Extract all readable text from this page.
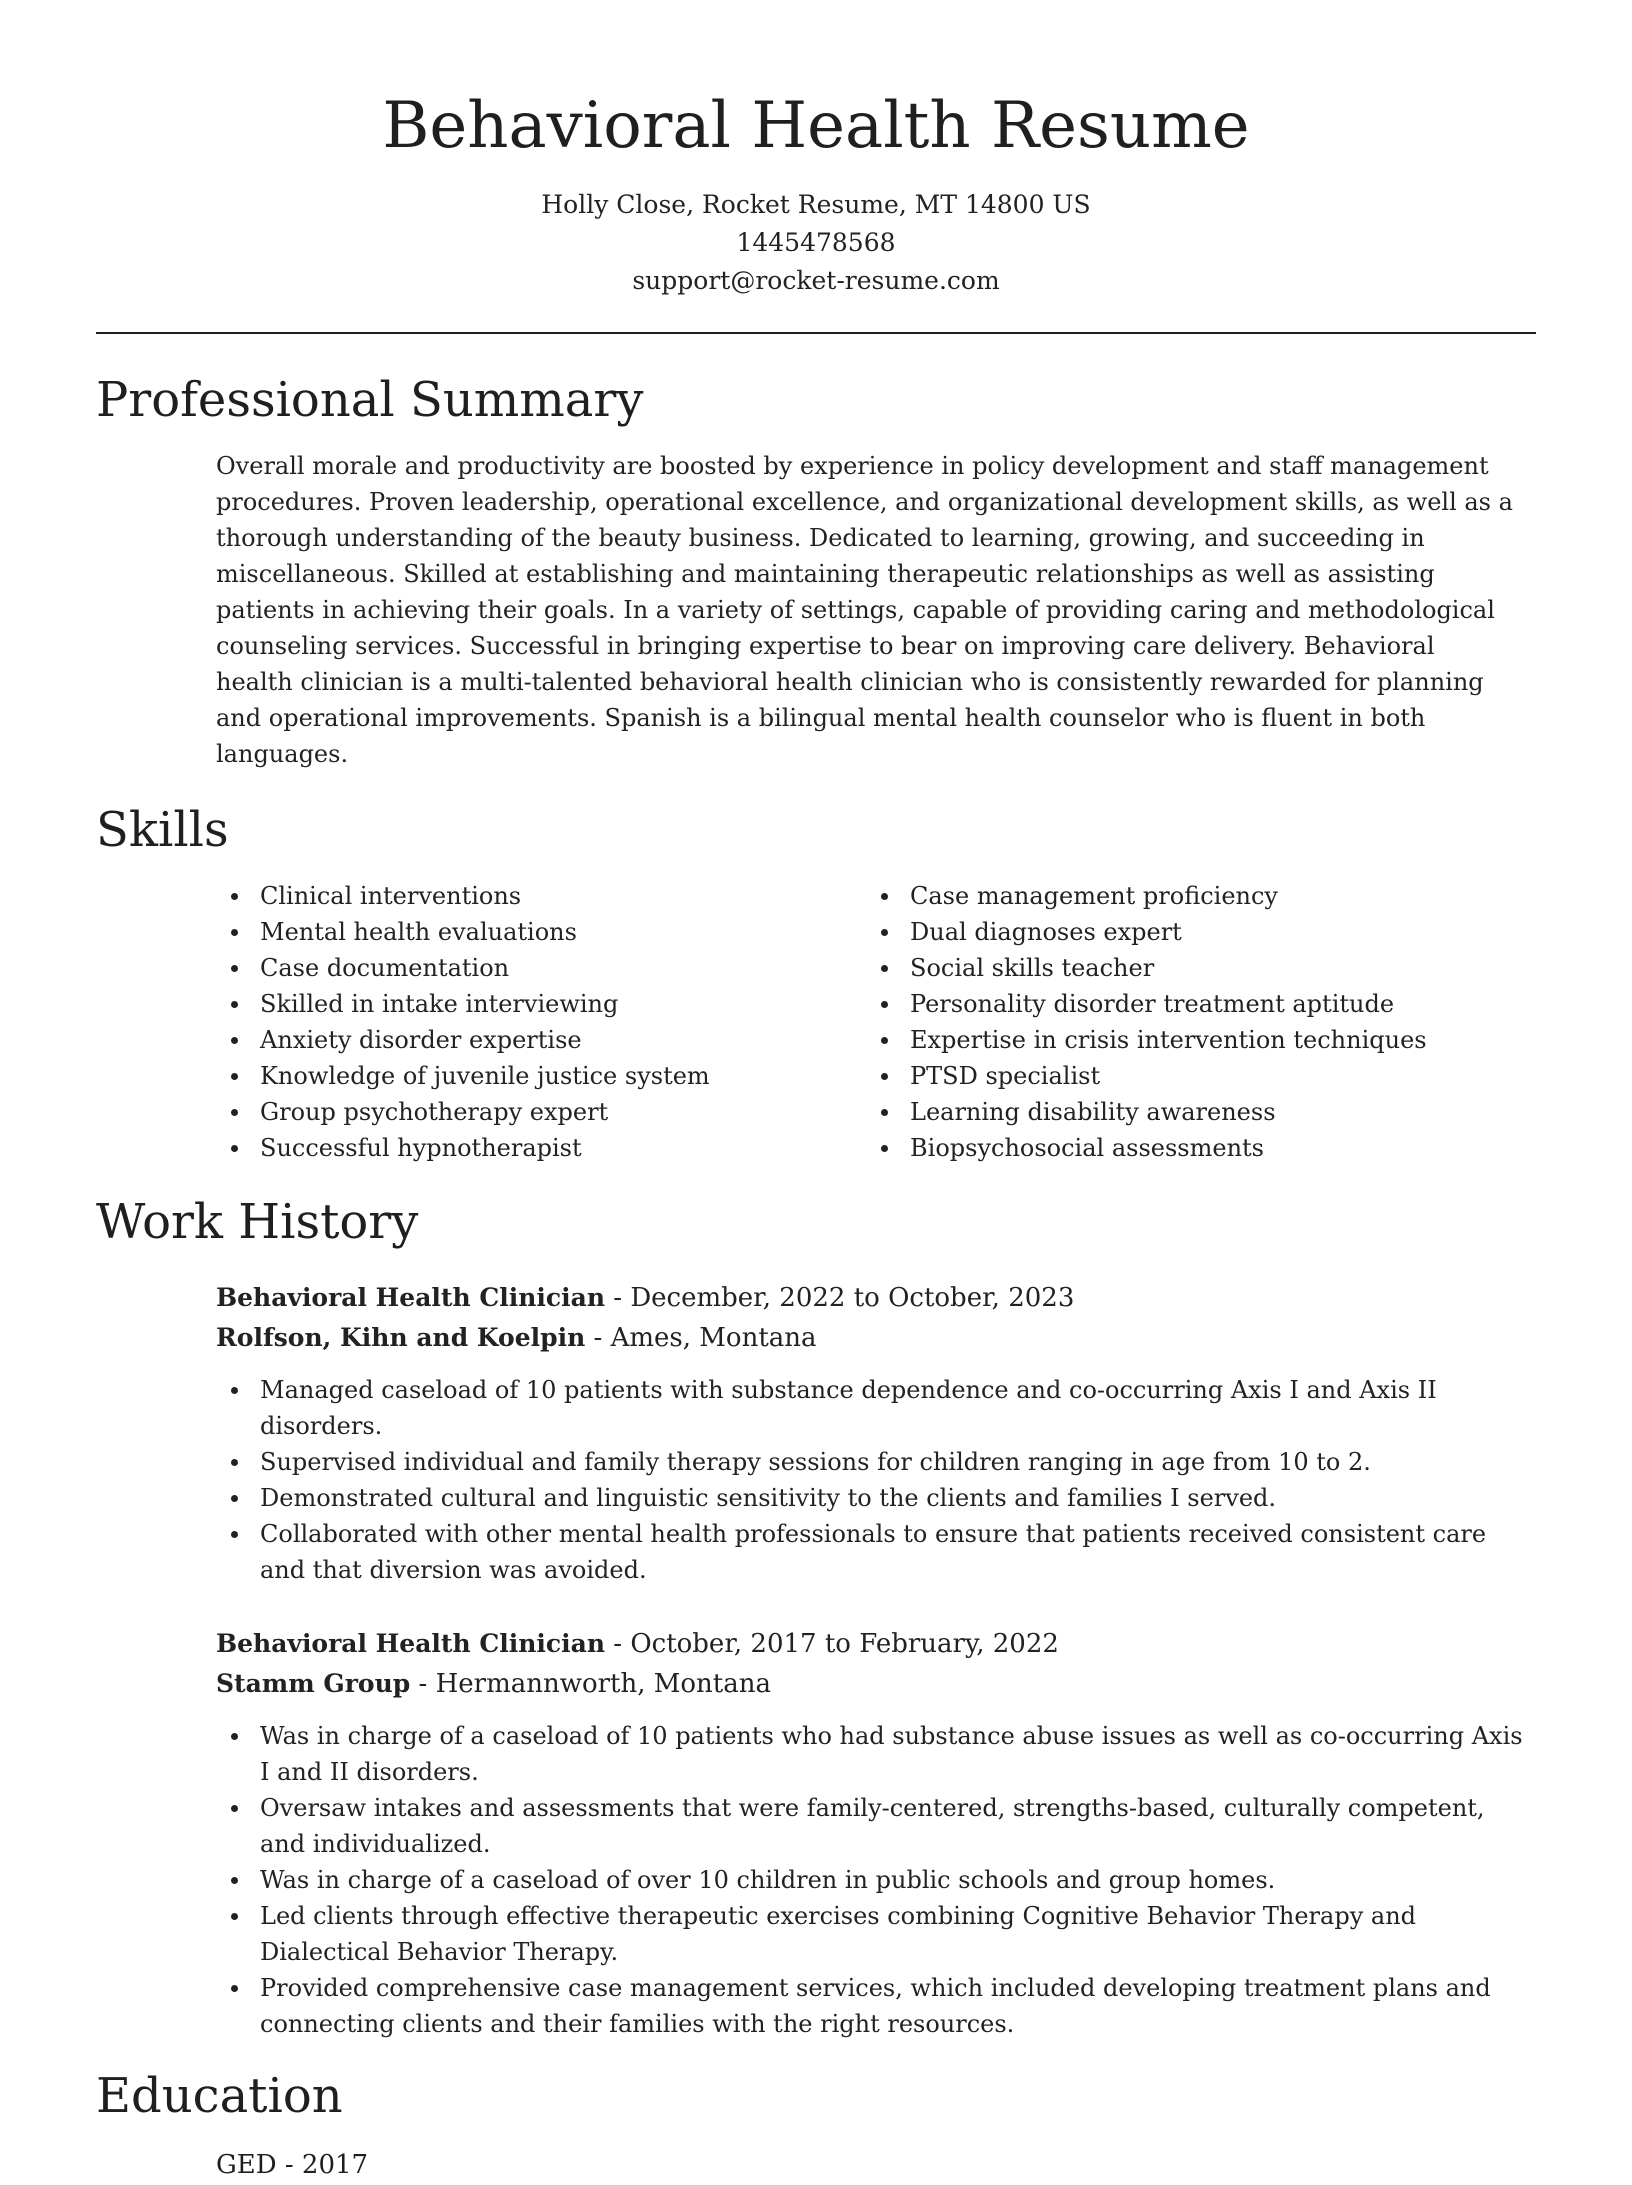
Behavioral Health Resume
Holly Close, Rocket Resume, MT 14800 US
1445478568
support@rocket-resume.com
Professional Summary

Overall morale and productivity are boosted by experience in policy development and staff management procedures. Proven leadership, operational excellence, and organizational development skills, as well as a thorough understanding of the beauty business. Dedicated to learning, growing, and succeeding in miscellaneous. Skilled at establishing and maintaining therapeutic relationships as well as assisting patients in achieving their goals. In a variety of settings, capable of providing caring and methodological counseling services. Successful in bringing expertise to bear on improving care delivery. Behavioral health clinician is a multi-talented behavioral health clinician who is consistently rewarded for planning and operational improvements. Spanish is a bilingual mental health counselor who is fluent in both languages.

Skills
Clinical interventions
Mental health evaluations
Case documentation
Skilled in intake interviewing
Anxiety disorder expertise
Knowledge of juvenile justice system
Group psychotherapy expert
Successful hypnotherapist
Case management proficiency
Dual diagnoses expert
Social skills teacher
Personality disorder treatment aptitude
Expertise in crisis intervention techniques
PTSD specialist
Learning disability awareness
Biopsychosocial assessments
Work History
Behavioral Health Clinician - December, 2022 to October, 2023
Rolfson, Kihn and Koelpin - Ames, Montana
Managed caseload of 10 patients with substance dependence and co-occurring Axis I and Axis II disorders.
Supervised individual and family therapy sessions for children ranging in age from 10 to 2.
Demonstrated cultural and linguistic sensitivity to the clients and families I served.
Collaborated with other mental health professionals to ensure that patients received consistent care and that diversion was avoided.
Behavioral Health Clinician - October, 2017 to February, 2022
Stamm Group - Hermannworth, Montana
Was in charge of a caseload of 10 patients who had substance abuse issues as well as co-occurring Axis I and II disorders.
Oversaw intakes and assessments that were family-centered, strengths-based, culturally competent, and individualized.
Was in charge of a caseload of over 10 children in public schools and group homes.
Led clients through effective therapeutic exercises combining Cognitive Behavior Therapy and Dialectical Behavior Therapy.
Provided comprehensive case management services, which included developing treatment plans and connecting clients and their families with the right resources.
Education
GED - 2017
